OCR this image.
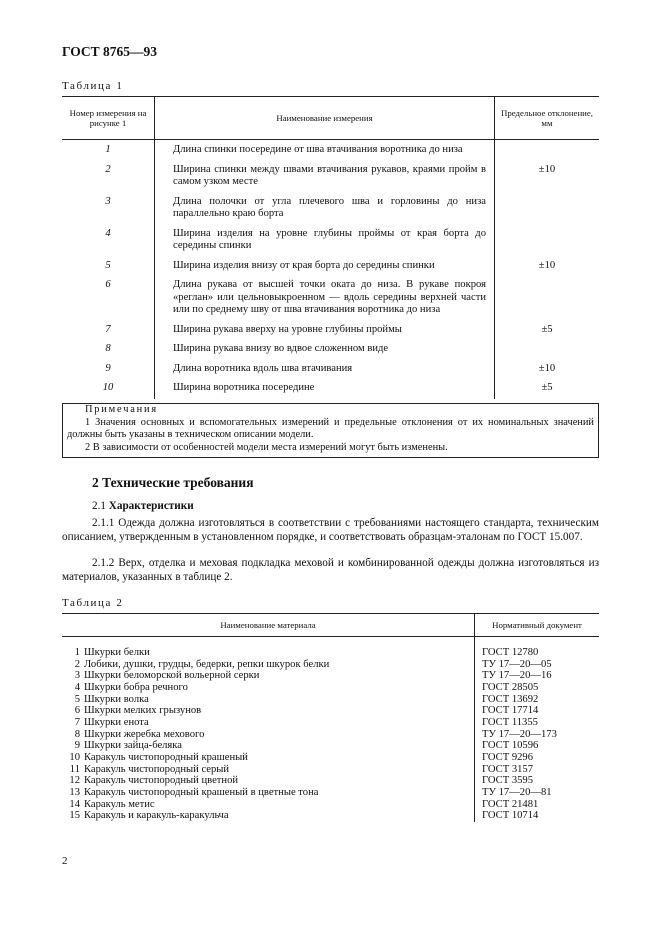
ГОСТ 8765—93
Таблица 1
Номер измерения на рисунке 1	Наименование измерения	Предельное отклонение, мм

1	Длина спинки посередине от шва втачивания воротника до низа	

2	Ширина спинки между швами втачивания рукавов, краями пройм в самом узком месте	±10

3	Длина полочки от угла плечевого шва и горловины до низа параллельно краю борта	

4	Ширина изделия на уровне глубины проймы от края борта до середины спинки	

5	Ширина изделия внизу от края борта до середины спинки	±10

6	Длина рукава от высшей точки оката до низа. В рукаве покроя «реглан» или цельновыкроенном — вдоль середины верхней части или по среднему шву от шва втачивания воротника до низа	

7	Ширина рукава вверху на уровне глубины проймы	±5

8	Ширина рукава внизу во вдвое сложенном виде	

9	Длина воротника вдоль шва втачивания	±10

10	Ширина воротника посередине	±5
Примечания
1 Значения основных и вспомогательных измерений и предельные отклонения от их номинальных значений должны быть указаны в техническом описании модели.
2 В зависимости от особенностей модели места измерений могут быть изменены.
2 Технические требования
2.1 Характеристики
2.1.1 Одежда должна изготовляться в соответствии с требованиями настоящего стандарта, техническим описанием, утвержденным в установленном порядке, и соответствовать образцам-эталонам по ГОСТ 15.007.
2.1.2 Верх, отделка и меховая подкладка меховой и комбинированной одежды должна изготовляться из материалов, указанных в таблице 2.
Таблица 2
Наименование материала	Нормативный документ
1 Шкурки белки	ГОСТ 12780
2 Лобики, душки, грудцы, бедерки, репки шкурок белки	ТУ 17—20—05
3 Шкурки беломорской вольерной серки	ТУ 17—20—16
4 Шкурки бобра речного	ГОСТ 28505
5 Шкурки волка	ГОСТ 13692
6 Шкурки мелких грызунов	ГОСТ 17714
7 Шкурки енота	ГОСТ 11355
8 Шкурки жеребка мехового	ТУ 17—20—173
9 Шкурки зайца-беляка	ГОСТ 10596
10 Каракуль чистопородный крашеный	ГОСТ 9296
11 Каракуль чистопородный серый	ГОСТ 3157
12 Каракуль чистопородный цветной	ГОСТ 3595
13 Каракуль чистопородный крашеный в цветные тона	ТУ 17—20—81
14 Каракуль метис	ГОСТ 21481
15 Каракуль и каракуль-каракульча	ГОСТ 10714
2
